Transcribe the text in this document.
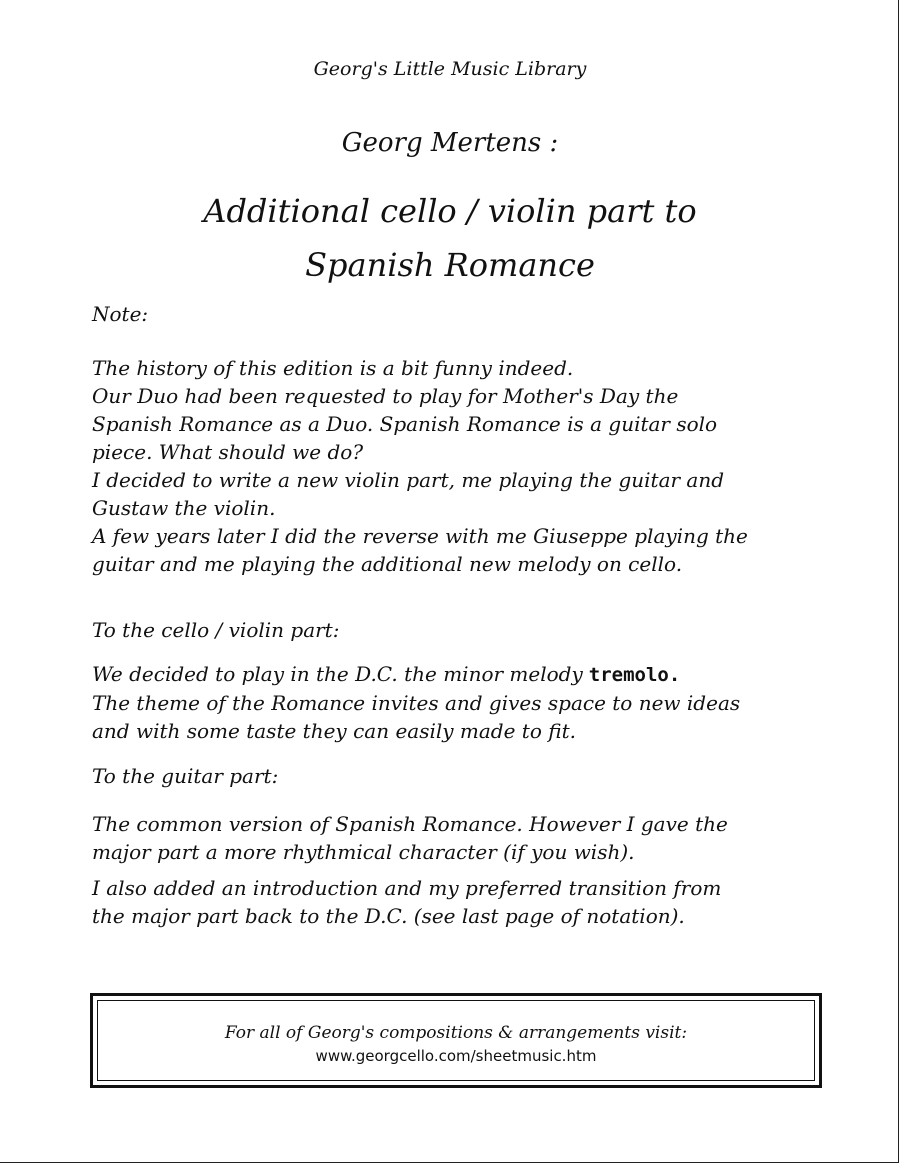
Georg's Little Music Library
Georg Mertens :
Additional cello / violin part to
Spanish Romance
Note:
The history of this edition is a bit funny indeed.
Our Duo had been requested to play for Mother's Day the
Spanish Romance as a Duo. Spanish Romance is a guitar solo
piece. What should we do?
I decided to write a new violin part, me playing the guitar and
Gustaw the violin.
A few years later I did the reverse with me Giuseppe playing the
guitar and me playing the additional new melody on cello.
To the cello / violin part:
We decided to play in the D.C. the minor melody tremolo.
The theme of the Romance invites and gives space to new ideas
and with some taste they can easily made to fit.
To the guitar part:
The common version of Spanish Romance. However I gave the
major part a more rhythmical character (if you wish).
I also added an introduction and my preferred transition from
the major part back to the D.C. (see last page of notation).
For all of Georg's compositions & arrangements visit:
www.georgcello.com/sheetmusic.htm
